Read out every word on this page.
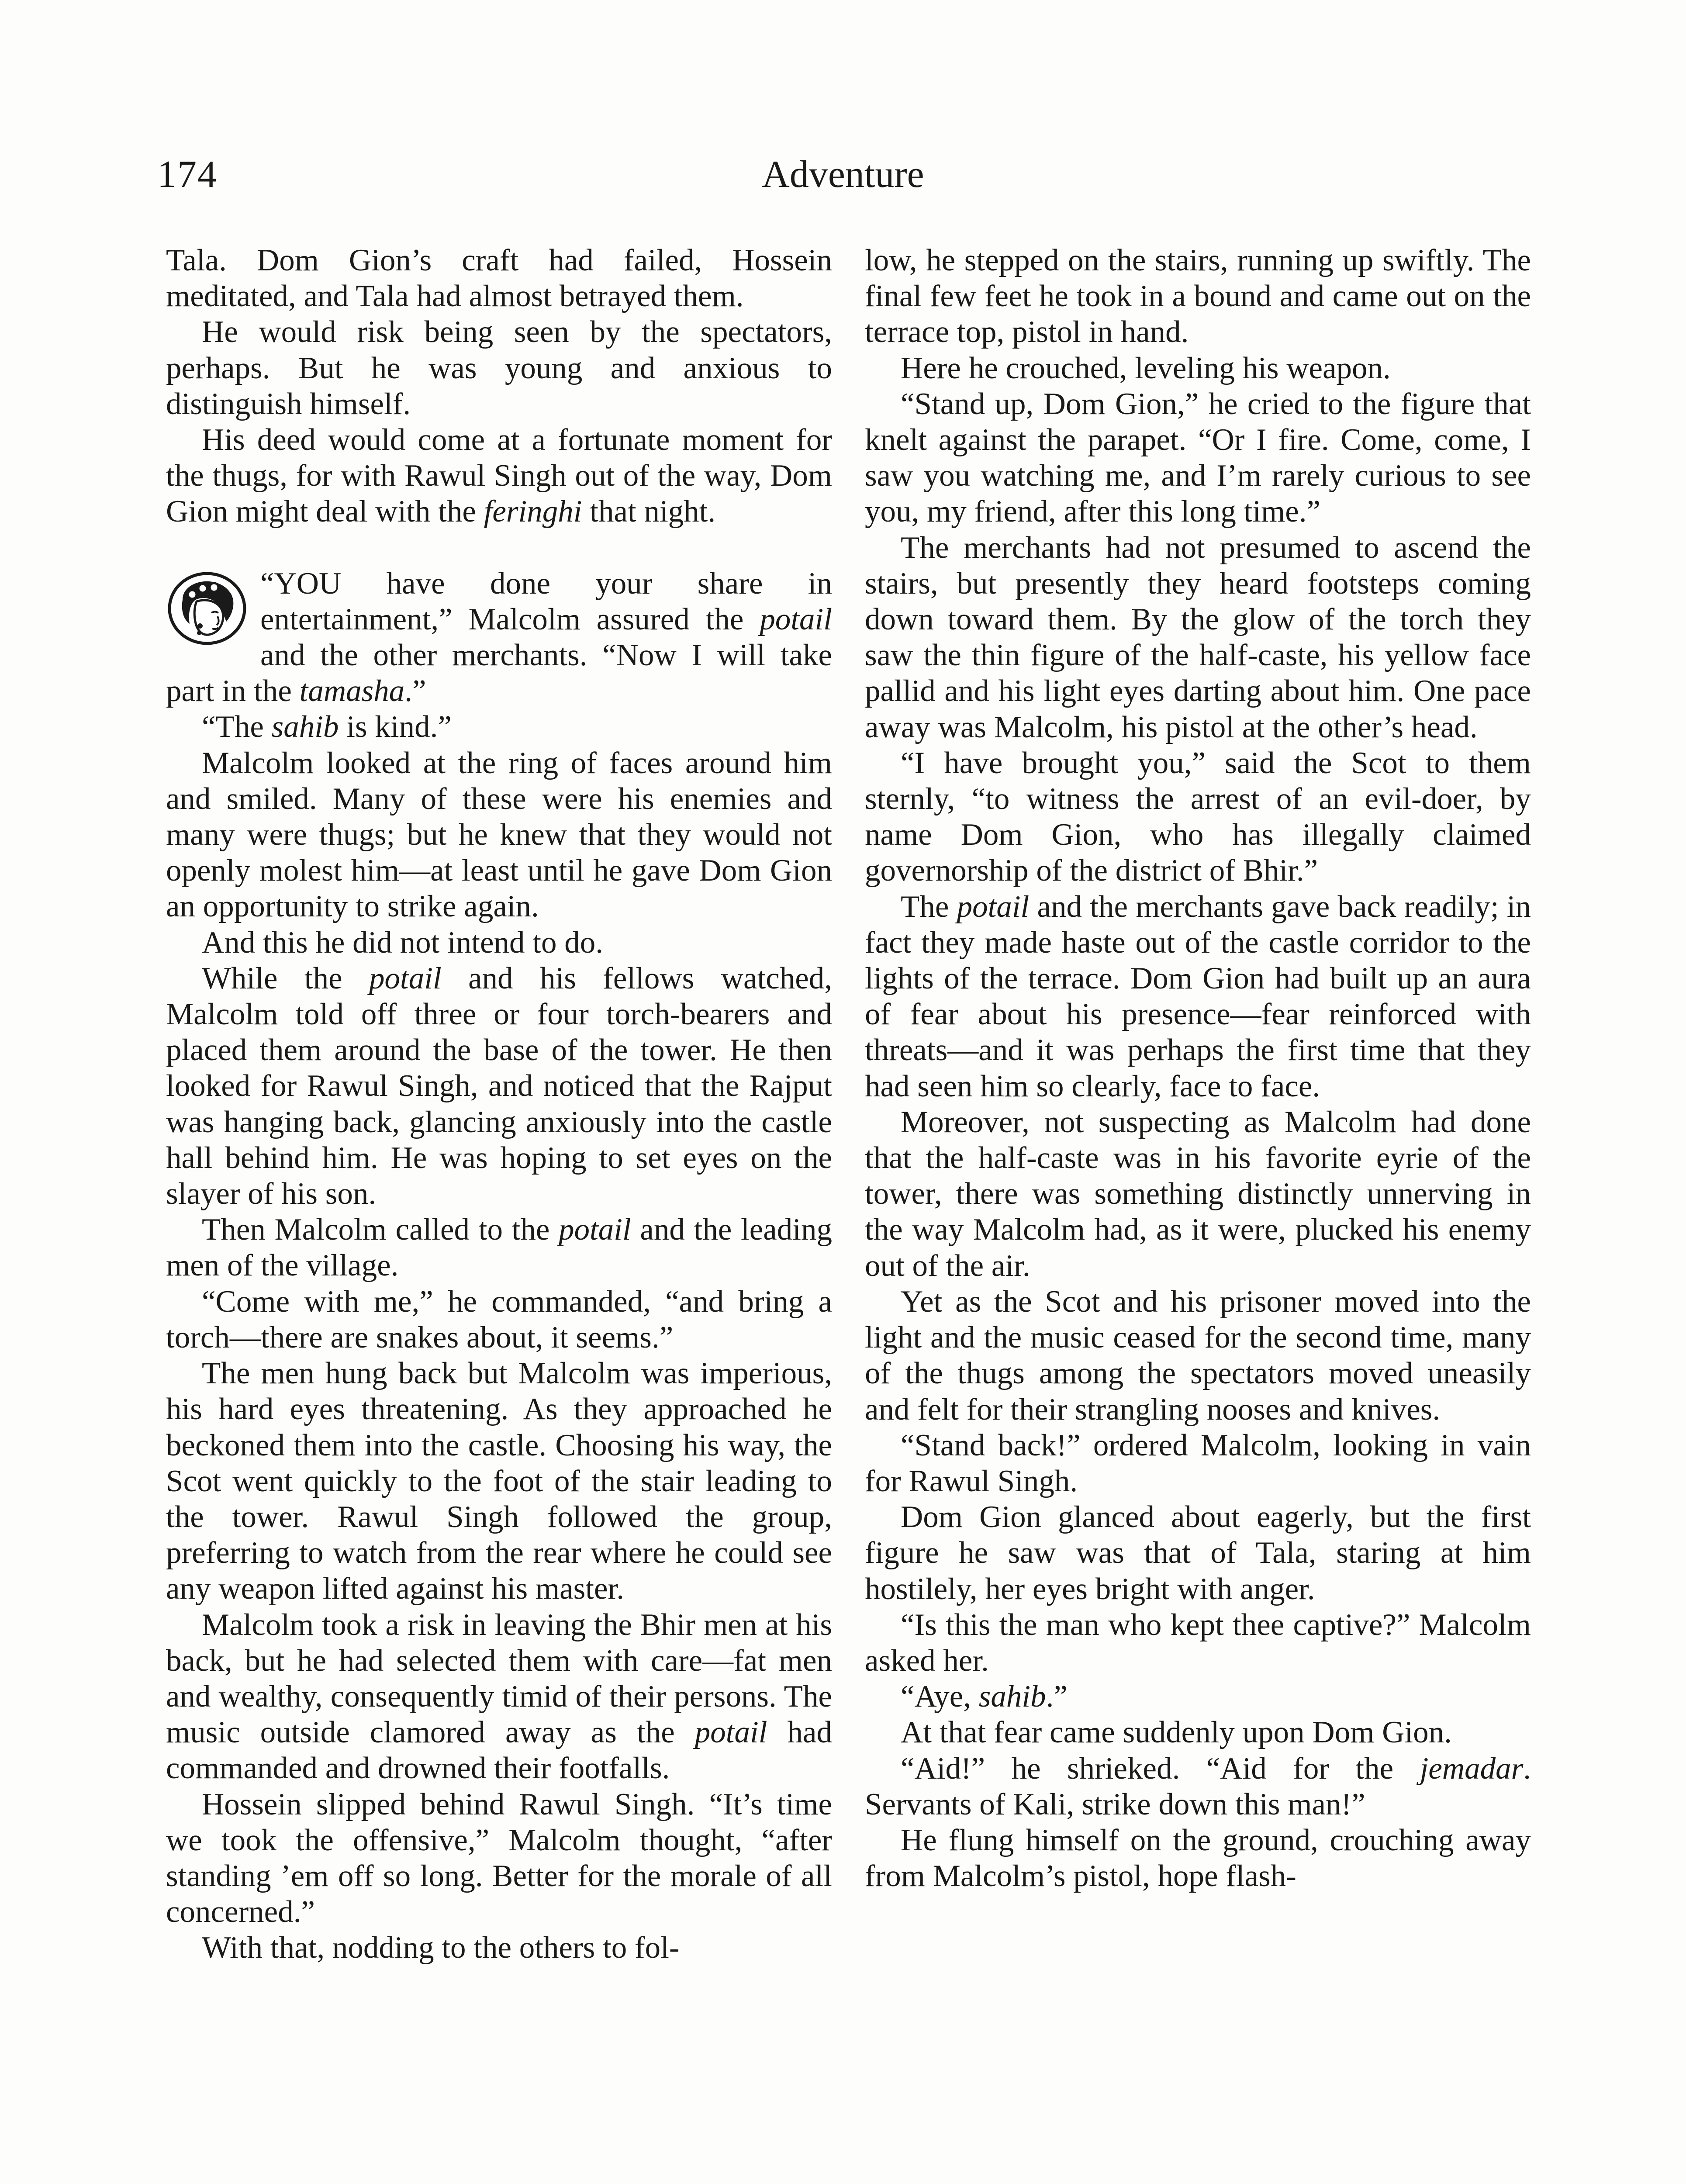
174	Adventure

Tala. Dom Gion’s craft had failed, Hossein meditated, and Tala had almost betrayed them.

He would risk being seen by the spectators, perhaps. But he was young and anxious to distinguish himself.

His deed would come at a fortunate moment for the thugs, for with Rawul Singh out of the way, Dom Gion might deal with the feringhi that night.

“YOU have done your share in entertainment,” Malcolm assured the potail and the other merchants. “Now I will take part in the tamasha.”

“The sahib is kind.”

Malcolm looked at the ring of faces around him and smiled. Many of these were his enemies and many were thugs; but he knew that they would not openly molest him—at least until he gave Dom Gion an opportunity to strike again.

And this he did not intend to do.

While the potail and his fellows watched, Malcolm told off three or four torch-bearers and placed them around the base of the tower. He then looked for Rawul Singh, and noticed that the Rajput was hanging back, glancing anxiously into the castle hall behind him. He was hoping to set eyes on the slayer of his son.

Then Malcolm called to the potail and the leading men of the village.

“Come with me,” he commanded, “and bring a torch—there are snakes about, it seems.”

The men hung back but Malcolm was imperious, his hard eyes threatening. As they approached he beckoned them into the castle. Choosing his way, the Scot went quickly to the foot of the stair leading to the tower. Rawul Singh followed the group, preferring to watch from the rear where he could see any weapon lifted against his master.

Malcolm took a risk in leaving the Bhir men at his back, but he had selected them with care—fat men and wealthy, consequently timid of their persons. The music outside clamored away as the potail had commanded and drowned their footfalls.

Hossein slipped behind Rawul Singh. “It’s time we took the offensive,” Malcolm thought, “after standing ’em off so long. Better for the morale of all concerned.”

With that, nodding to the others to fol-

low, he stepped on the stairs, running up swiftly. The final few feet he took in a bound and came out on the terrace top, pistol in hand.

Here he crouched, leveling his weapon.

“Stand up, Dom Gion,” he cried to the figure that knelt against the parapet. “Or I fire. Come, come, I saw you watching me, and I’m rarely curious to see you, my friend, after this long time.”

The merchants had not presumed to ascend the stairs, but presently they heard footsteps coming down toward them. By the glow of the torch they saw the thin figure of the half-caste, his yellow face pallid and his light eyes darting about him. One pace away was Malcolm, his pistol at the other’s head.

“I have brought you,” said the Scot to them sternly, “to witness the arrest of an evil-doer, by name Dom Gion, who has illegally claimed governorship of the district of Bhir.”

The potail and the merchants gave back readily; in fact they made haste out of the castle corridor to the lights of the terrace. Dom Gion had built up an aura of fear about his presence—fear reinforced with threats—and it was perhaps the first time that they had seen him so clearly, face to face.

Moreover, not suspecting as Malcolm had done that the half-caste was in his favorite eyrie of the tower, there was something distinctly unnerving in the way Malcolm had, as it were, plucked his enemy out of the air.

Yet as the Scot and his prisoner moved into the light and the music ceased for the second time, many of the thugs among the spectators moved uneasily and felt for their strangling nooses and knives.

“Stand back!” ordered Malcolm, looking in vain for Rawul Singh.

Dom Gion glanced about eagerly, but the first figure he saw was that of Tala, staring at him hostilely, her eyes bright with anger.

“Is this the man who kept thee captive?” Malcolm asked her.

“Aye, sahib.”

At that fear came suddenly upon Dom Gion.

“Aid!” he shrieked. “Aid for the jemadar. Servants of Kali, strike down this man!”

He flung himself on the ground, crouching away from Malcolm’s pistol, hope flash-
